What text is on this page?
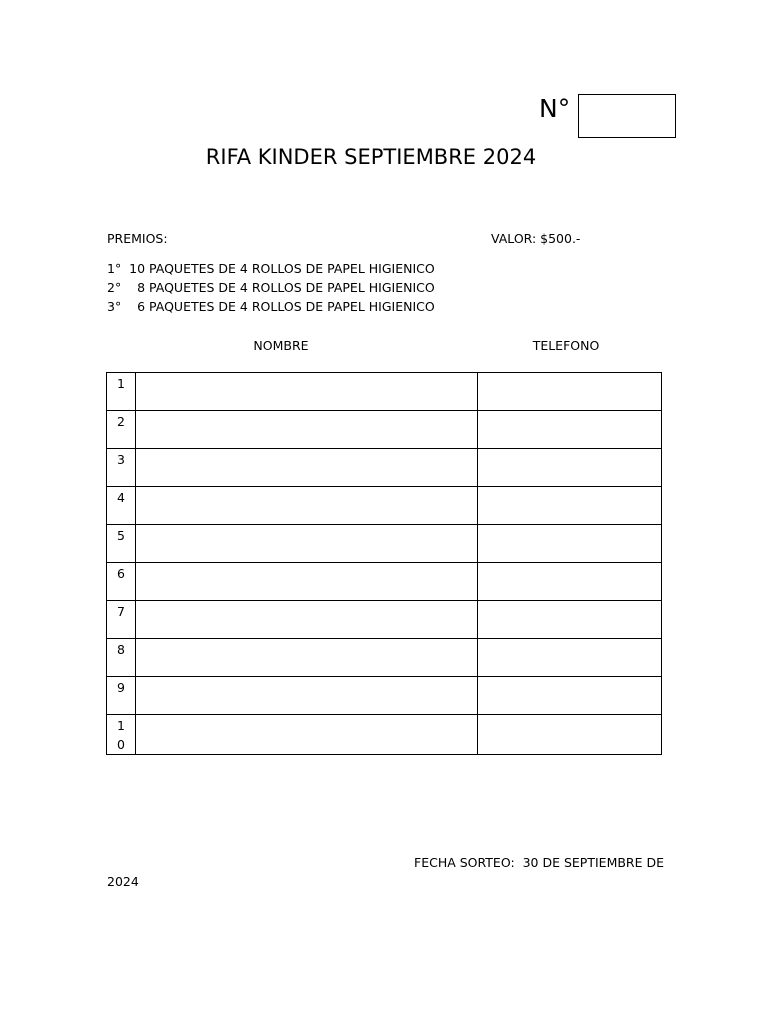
N°
RIFA KINDER SEPTIEMBRE 2024
PREMIOS:	VALOR: $500.-
1°  10 PAQUETES DE 4 ROLLOS DE PAPEL HIGIENICO
2°    8 PAQUETES DE 4 ROLLOS DE PAPEL HIGIENICO
3°    6 PAQUETES DE 4 ROLLOS DE PAPEL HIGIENICO
NOMBRE	TELEFONO
1		

2		

3		

4		

5		

6		

7		

8		

9		

10		

FECHA SORTEO:  30 DE SEPTIEMBRE DE
2024
